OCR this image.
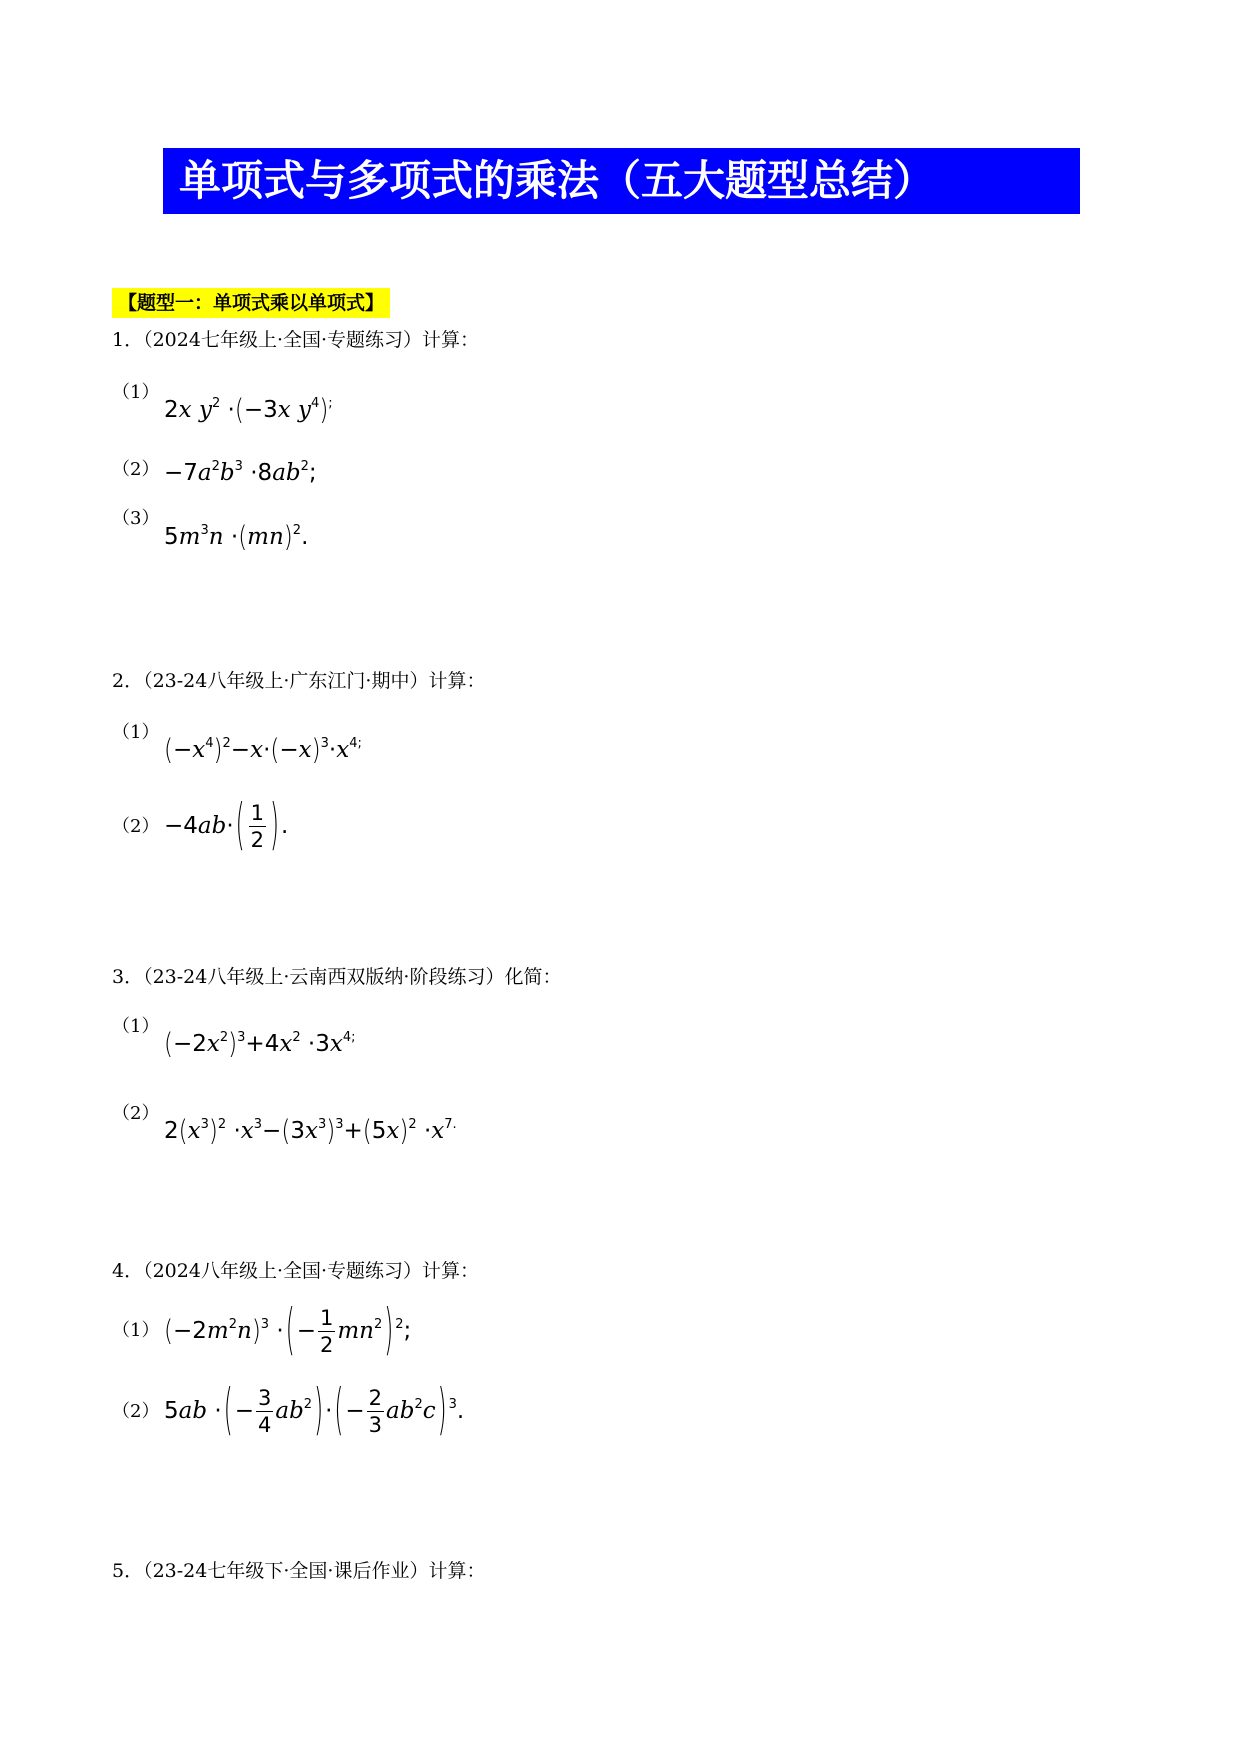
单项式与多项式的乘法（五大题型总结）
【题型一：单项式乘以单项式】
1．（2024七年级上·全国·专题练习）计算：
（1）
2x $y^2 \cdot(-3x$ $y^4)^;$
$(2) -7a^2b^3 \cdot 8ab^2$;
（3）
$5m^3n \cdot(mn)^2$.
2．（23-24八年级上·广东江门·期中）计算：
（1）
$(-x^4)^2-x\cdot(-x)^3\cdot x^{4;}$
$(2) -4ab\cdot( \frac{1}{2}$ ).
3．（23-24八年级上·云南西双版纳·阶段练习）化简：
（1）
$(-2x^2)^3+4x^2 \cdot 3x^{4;}$
（2）
$2(x^3)^2 \cdot x^3-(3x^3)^3+(5x)^2 \cdot x^{7.}$
4．（2024八年级上·全国·专题练习）计算：
（1） $(-2m^2n)^3$ ·(− $\frac{1}{2} mn^2$) $^2$;
（2） 5ab ·(− $\frac{3}{4} ab^2)\cdot(- \frac{2}{3} ab^2c)$ $^3$.
5．（23-24七年级下·全国·课后作业）计算：
